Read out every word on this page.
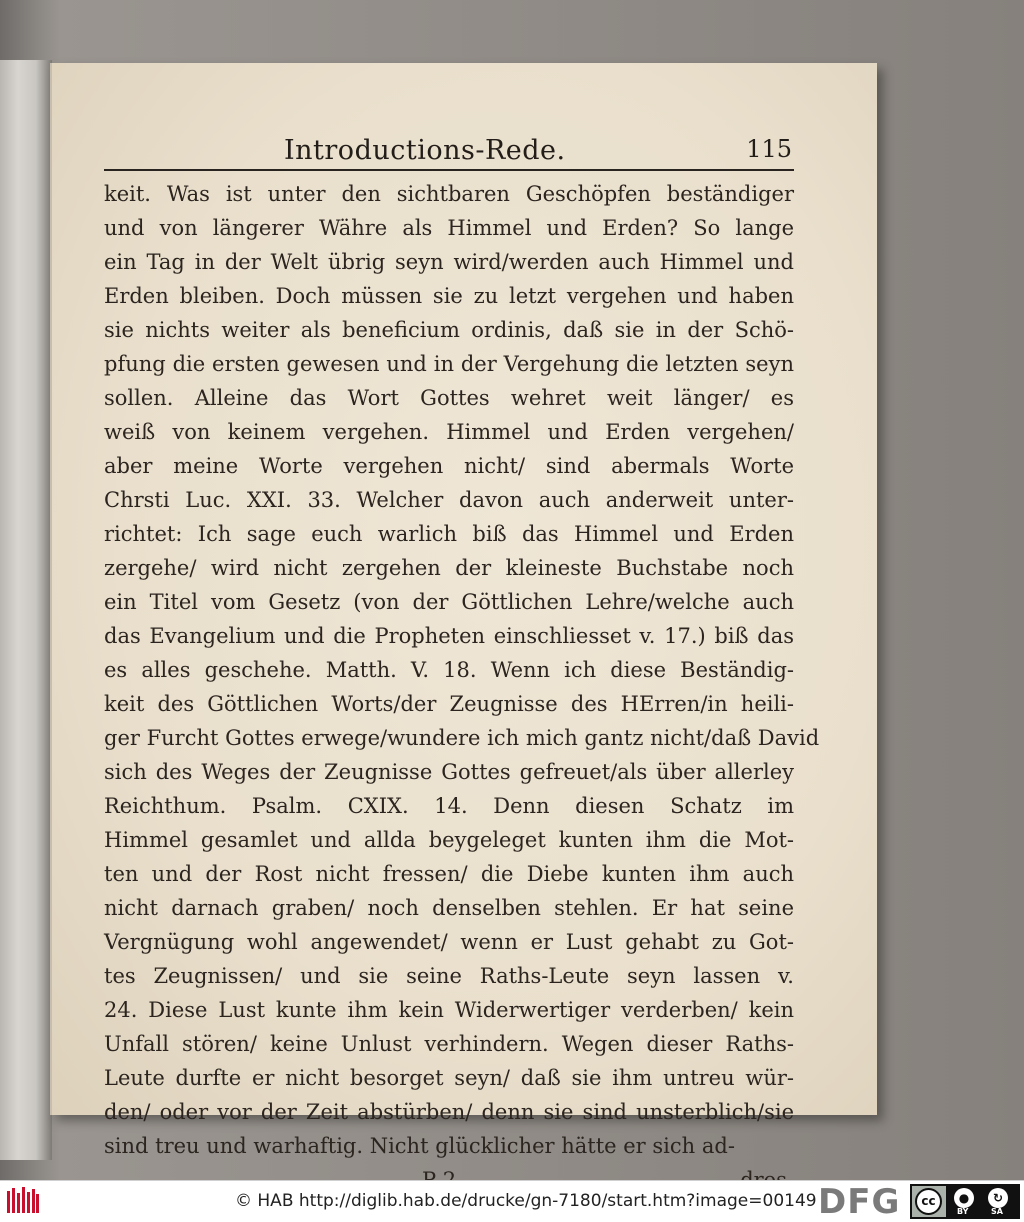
Introductions-Rede.	115
keit. Was ist unter den sichtbaren Geschöpfen beständiger
und von längerer Währe als Himmel und Erden? So lange
ein Tag in der Welt übrig seyn wird/werden auch Himmel und
Erden bleiben. Doch müssen sie zu letzt vergehen und haben
sie nichts weiter als beneficium ordinis, daß sie in der Schö-
pfung die ersten gewesen und in der Vergehung die letzten seyn
sollen. Alleine das Wort Gottes wehret weit länger/ es
weiß von keinem vergehen. Himmel und Erden vergehen/
aber meine Worte vergehen nicht/ sind abermals Worte
Chrsti Luc. XXI. 33. Welcher davon auch anderweit unter-
richtet: Ich sage euch warlich biß das Himmel und Erden
zergehe/ wird nicht zergehen der kleineste Buchstabe noch
ein Titel vom Gesetz (von der Göttlichen Lehre/welche auch
das Evangelium und die Propheten einschliesset v. 17.) biß das
es alles geschehe. Matth. V. 18. Wenn ich diese Beständig-
keit des Göttlichen Worts/der Zeugnisse des HErren/in heili-
ger Furcht Gottes erwege/wundere ich mich gantz nicht/daß David
sich des Weges der Zeugnisse Gottes gefreuet/als über allerley
Reichthum. Psalm. CXIX. 14. Denn diesen Schatz im
Himmel gesamlet und allda beygeleget kunten ihm die Mot-
ten und der Rost nicht fressen/ die Diebe kunten ihm auch
nicht darnach graben/ noch denselben stehlen. Er hat seine
Vergnügung wohl angewendet/ wenn er Lust gehabt zu Got-
tes Zeugnissen/ und sie seine Raths-Leute seyn lassen v.
24. Diese Lust kunte ihm kein Widerwertiger verderben/ kein
Unfall stören/ keine Unlust verhindern. Wegen dieser Raths-
Leute durfte er nicht besorget seyn/ daß sie ihm untreu wür-
den/ oder vor der Zeit abstürben/ denn sie sind unsterblich/sie
sind treu und warhaftig. Nicht glücklicher hätte er sich ad-
© HAB http://diglib.hab.de/drucke/gn-7180/start.htm?image=00149 DFG	cc	●	↻
BY	SA
